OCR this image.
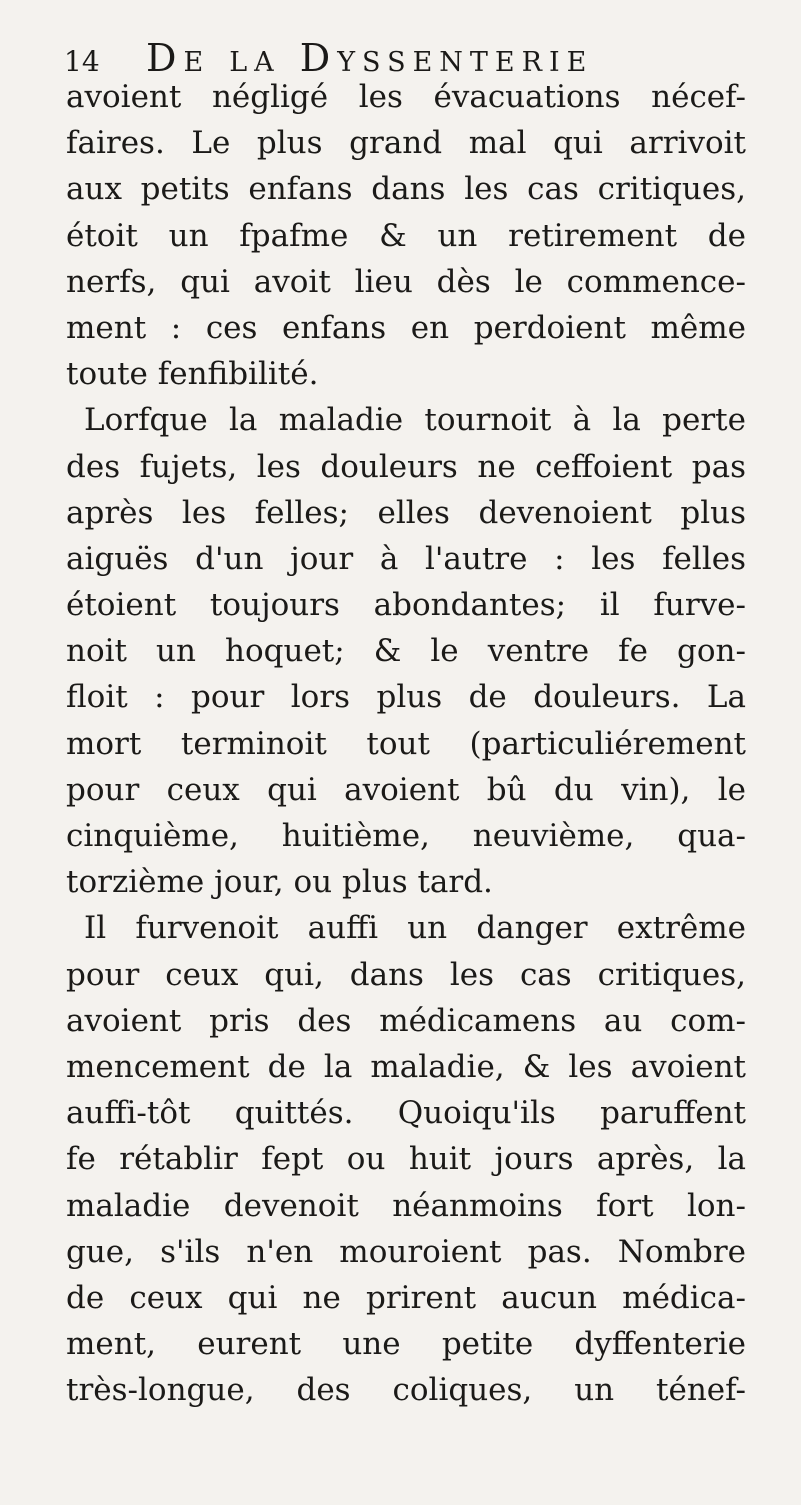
14 De la Dyssenterie
avoient négligé les évacuations nécef-
faires. Le plus grand mal qui arrivoit
aux petits enfans dans les cas critiques,
étoit un fpafme & un retirement de
nerfs, qui avoit lieu dès le commence-
ment : ces enfans en perdoient même
toute fenfibilité.
Lorfque la maladie tournoit à la perte
des fujets, les douleurs ne ceffoient pas
après les felles; elles devenoient plus
aiguës d'un jour à l'autre : les felles
étoient toujours abondantes; il furve-
noit un hoquet; & le ventre fe gon-
floit : pour lors plus de douleurs. La
mort terminoit tout (particuliérement
pour ceux qui avoient bû du vin), le
cinquième, huitième, neuvième, qua-
torzième jour, ou plus tard.
Il furvenoit auffi un danger extrême
pour ceux qui, dans les cas critiques,
avoient pris des médicamens au com-
mencement de la maladie, & les avoient
auffi-tôt quittés. Quoiqu'ils paruffent
fe rétablir fept ou huit jours après, la
maladie devenoit néanmoins fort lon-
gue, s'ils n'en mouroient pas. Nombre
de ceux qui ne prirent aucun médica-
ment, eurent une petite dyffenterie
très-longue, des coliques, un ténef-
